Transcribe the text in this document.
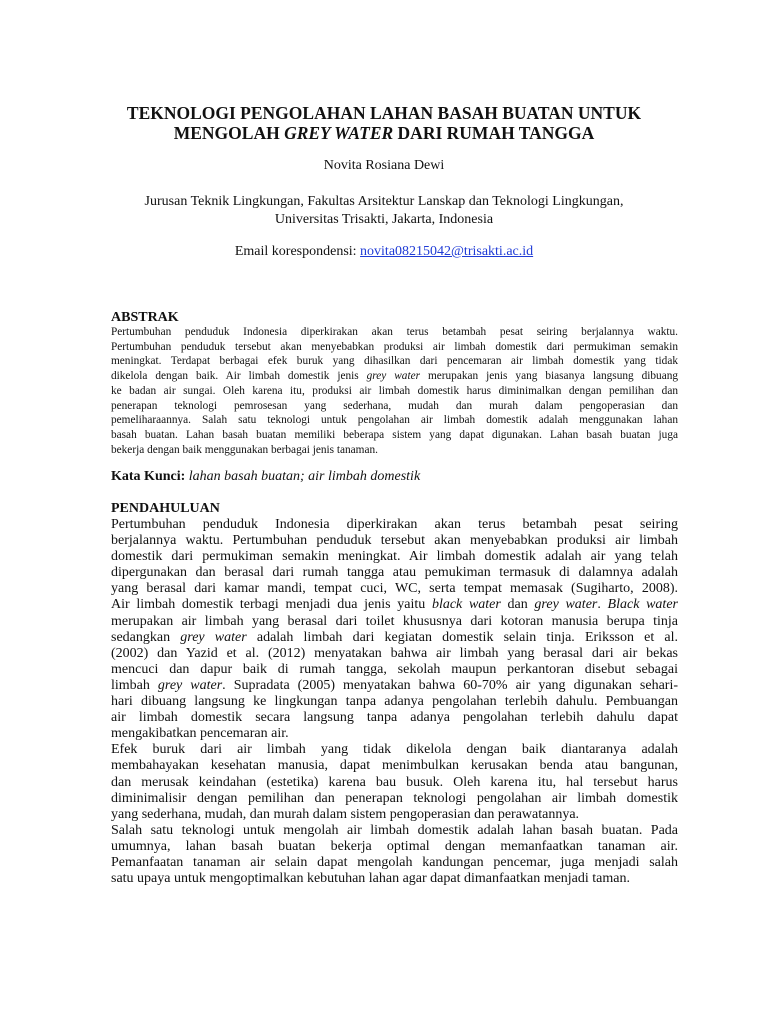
TEKNOLOGI PENGOLAHAN LAHAN BASAH BUATAN UNTUK
MENGOLAH GREY WATER DARI RUMAH TANGGA
Novita Rosiana Dewi
Jurusan Teknik Lingkungan, Fakultas Arsitektur Lanskap dan Teknologi Lingkungan,
Universitas Trisakti, Jakarta, Indonesia
Email korespondensi: novita08215042@trisakti.ac.id
ABSTRAK
Pertumbuhan penduduk Indonesia diperkirakan akan terus betambah pesat seiring berjalannya waktu.
Pertumbuhan penduduk tersebut akan menyebabkan produksi air limbah domestik dari permukiman semakin
meningkat. Terdapat berbagai efek buruk yang dihasilkan dari pencemaran air limbah domestik yang tidak
dikelola dengan baik. Air limbah domestik jenis grey water merupakan jenis yang biasanya langsung dibuang
ke badan air sungai. Oleh karena itu, produksi air limbah domestik harus diminimalkan dengan pemilihan dan
penerapan teknologi pemrosesan yang sederhana, mudah dan murah dalam pengoperasian dan
pemeliharaannya. Salah satu teknologi untuk pengolahan air limbah domestik adalah menggunakan lahan
basah buatan. Lahan basah buatan memiliki beberapa sistem yang dapat digunakan. Lahan basah buatan juga
bekerja dengan baik menggunakan berbagai jenis tanaman.
Kata Kunci: lahan basah buatan; air limbah domestik
PENDAHULUAN
Pertumbuhan penduduk Indonesia diperkirakan akan terus betambah pesat seiring
berjalannya waktu. Pertumbuhan penduduk tersebut akan menyebabkan produksi air limbah
domestik dari permukiman semakin meningkat. Air limbah domestik adalah air yang telah
dipergunakan dan berasal dari rumah tangga atau pemukiman termasuk di dalamnya adalah
yang berasal dari kamar mandi, tempat cuci, WC, serta tempat memasak (Sugiharto, 2008).
Air limbah domestik terbagi menjadi dua jenis yaitu black water dan grey water. Black water
merupakan air limbah yang berasal dari toilet khususnya dari kotoran manusia berupa tinja
sedangkan grey water adalah limbah dari kegiatan domestik selain tinja. Eriksson et al.
(2002) dan Yazid et al. (2012) menyatakan bahwa air limbah yang berasal dari air bekas
mencuci dan dapur baik di rumah tangga, sekolah maupun perkantoran disebut sebagai
limbah grey water. Supradata (2005) menyatakan bahwa 60-70% air yang digunakan sehari-
hari dibuang langsung ke lingkungan tanpa adanya pengolahan terlebih dahulu. Pembuangan
air limbah domestik secara langsung tanpa adanya pengolahan terlebih dahulu dapat
mengakibatkan pencemaran air.
Efek buruk dari air limbah yang tidak dikelola dengan baik diantaranya adalah
membahayakan kesehatan manusia, dapat menimbulkan kerusakan benda atau bangunan,
dan merusak keindahan (estetika) karena bau busuk. Oleh karena itu, hal tersebut harus
diminimalisir dengan pemilihan dan penerapan teknologi pengolahan air limbah domestik
yang sederhana, mudah, dan murah dalam sistem pengoperasian dan perawatannya.
Salah satu teknologi untuk mengolah air limbah domestik adalah lahan basah buatan. Pada
umumnya, lahan basah buatan bekerja optimal dengan memanfaatkan tanaman air.
Pemanfaatan tanaman air selain dapat mengolah kandungan pencemar, juga menjadi salah
satu upaya untuk mengoptimalkan kebutuhan lahan agar dapat dimanfaatkan menjadi taman.
